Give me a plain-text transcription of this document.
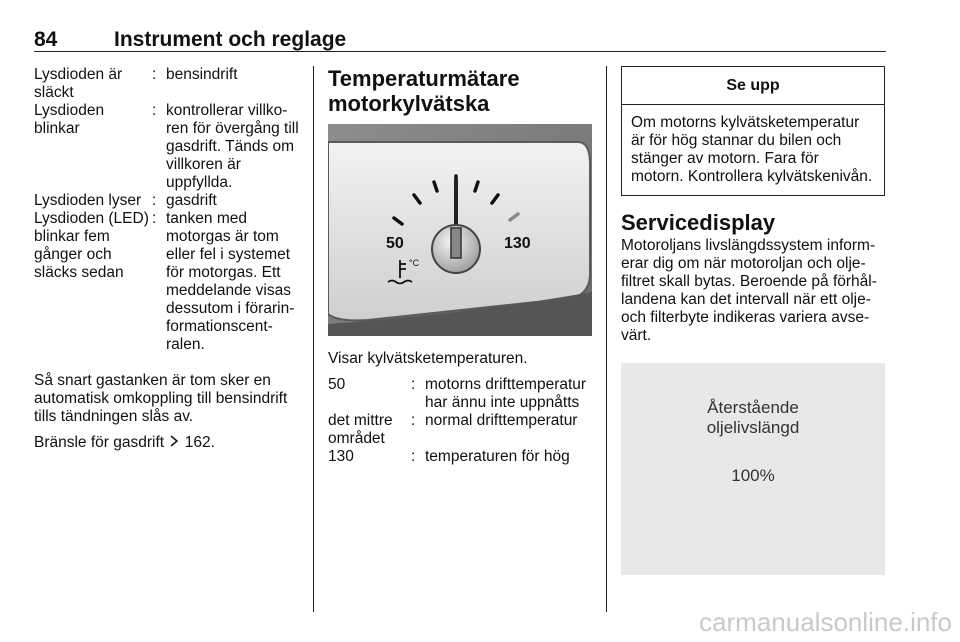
84	Instrument och reglage
Lysdioden är släckt
: bensindrift
Lysdioden blinkar
: kontrollerar villkoren för övergång till gasdrift. Tänds om villkoren är uppfyllda.
Lysdioden lyser : gasdrift
Lysdioden (LED) blinkar fem gånger och släcks sedan
: tanken med motorgas är tom eller fel i systemet för motorgas. Ett meddelande visas dessutom i förarinformationscentralen.

Så snart gastanken är tom sker en automatisk omkoppling till bensindrift tills tändningen slås av.

Bränsle för gasdrift  162.

Temperaturmätare motorkylvätska
50	130
°C

Visar kylvätsketemperaturen.

50	: motorns drifttemperatur har ännu inte uppnåtts
det mittre området
: normal drifttemperatur
130	: temperaturen för hög
Se upp
Om motorns kylvätsketemperatur är för hög stannar du bilen och stänger av motorn. Fara för motorn. Kontrollera kylvätskenivån.
Servicedisplay

Motoroljans livslängdssystem informerar dig om när motoroljan och oljefiltret skall bytas. Beroende på förhållandena kan det intervall när ett oljeoch filterbyte indikeras variera avsevärt.

Återstående
oljelivslängd
100%
carmanualsonline.info
